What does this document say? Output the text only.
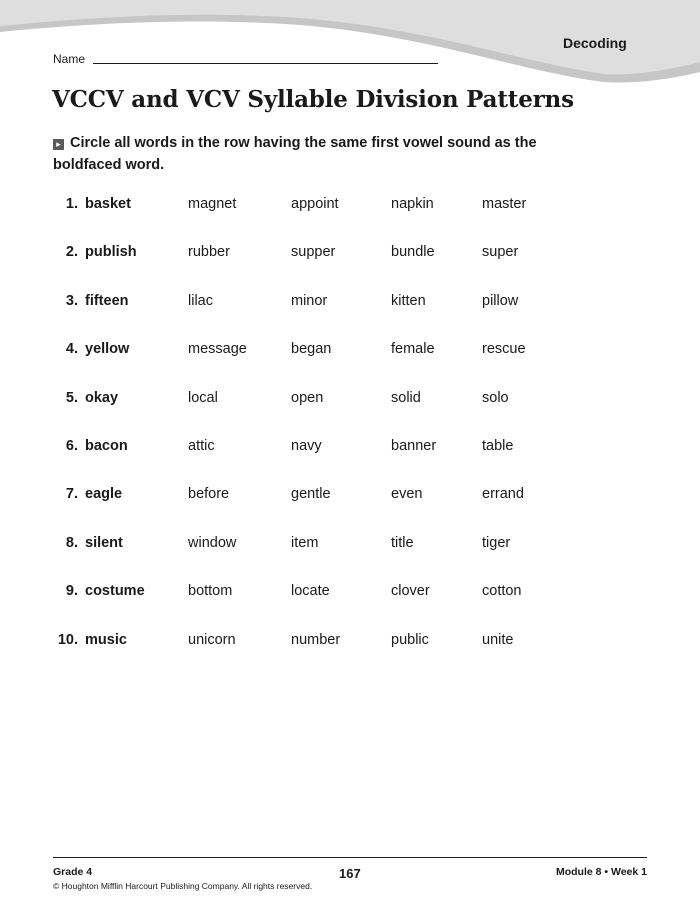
Decoding
Name
VCCV and VCV Syllable Division Patterns
▸ Circle all words in the row having the same first vowel sound as the boldfaced word.
1. basket	magnet	appoint	napkin	master
2. publish	rubber	supper	bundle	super
3. fifteen	lilac	minor	kitten	pillow
4. yellow	message	began	female	rescue
5. okay	local	open	solid	solo
6. bacon	attic	navy	banner	table
7. eagle	before	gentle	even	errand
8. silent	window	item	title	tiger
9. costume	bottom	locate	clover	cotton
10. music	unicorn	number	public	unite
Grade 4	167	Module 8 • Week 1
© Houghton Mifflin Harcourt Publishing Company. All rights reserved.
